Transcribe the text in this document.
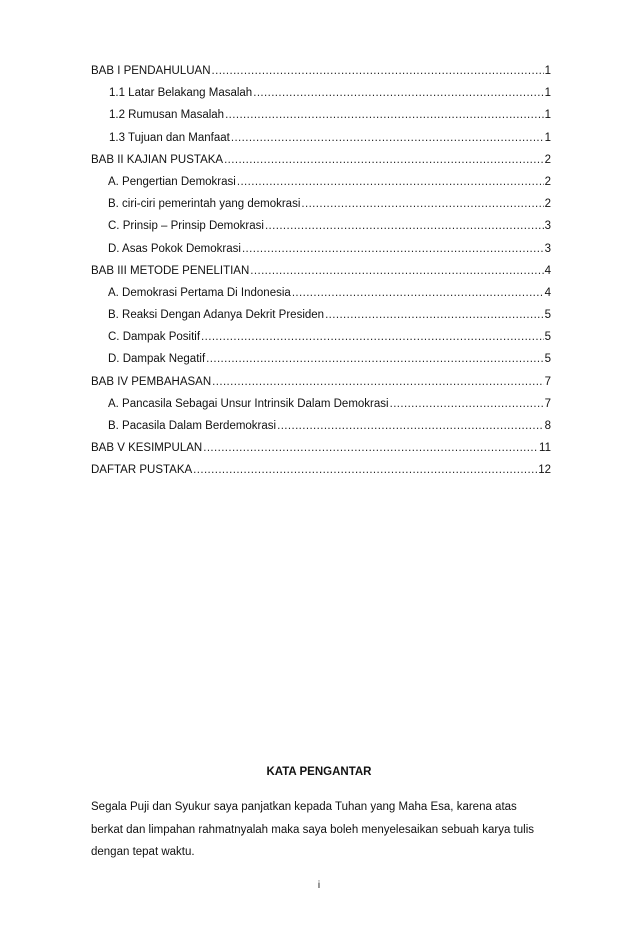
BAB I PENDAHULUAN .....	1
1.1 Latar Belakang Masalah .....	1
1.2 Rumusan Masalah .....	1
1.3 Tujuan dan Manfaat .....	1
BAB II KAJIAN PUSTAKA .....	2
A. Pengertian Demokrasi .....	2
B. ciri-ciri pemerintah yang demokrasi .....	2
C. Prinsip – Prinsip Demokrasi .....	3
D. Asas Pokok Demokrasi .....	3
BAB III METODE PENELITIAN .....	4
A. Demokrasi Pertama Di Indonesia .....	4
B. Reaksi Dengan Adanya Dekrit Presiden .....	5
C. Dampak Positif .....	5
D. Dampak Negatif .....	5
BAB IV PEMBAHASAN .....	7
A. Pancasila Sebagai Unsur Intrinsik Dalam Demokrasi .....	7
B. Pacasila Dalam Berdemokrasi .....	8
BAB V KESIMPULAN .....	11
DAFTAR PUSTAKA .....	12
KATA PENGANTAR
Segala Puji dan Syukur saya panjatkan kepada Tuhan yang Maha Esa, karena atas
berkat dan limpahan rahmatnyalah maka saya boleh menyelesaikan sebuah karya tulis
dengan tepat waktu.
i
